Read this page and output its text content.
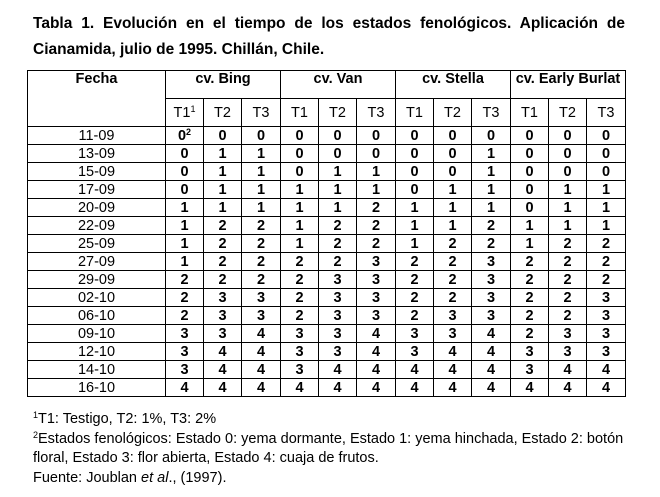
Tabla 1. Evolución en el tiempo de los estados fenológicos. Aplicación de Cianamida, julio de 1995. Chillán, Chile.

Fecha	cv. Bing			cv. Van			cv. Stella			cv. Early Burlat		
	$T1^1$	T2	T3	T1	T2	T3	T1	T2	T3	T1	T2	T3
11-09	$0^2$	0	0	0	0	0	0	0	0	0	0	0
13-09	0	1	1	0	0	0	0	0	1	0	0	0
15-09	0	1	1	0	1	1	0	0	1	0	0	0
17-09	0	1	1	1	1	1	0	1	1	0	1	1
20-09	1	1	1	1	1	2	1	1	1	0	1	1
22-09	1	2	2	1	2	2	1	1	2	1	1	1
25-09	1	2	2	1	2	2	1	2	2	1	2	2
27-09	1	2	2	2	2	3	2	2	3	2	2	2
29-09	2	2	2	2	3	3	2	2	3	2	2	2
02-10	2	3	3	2	3	3	2	2	3	2	2	3
06-10	2	3	3	2	3	3	2	3	3	2	2	3
09-10	3	3	4	3	3	4	3	3	4	2	3	3
12-10	3	4	4	3	3	4	3	4	4	3	3	3
14-10	3	4	4	3	4	4	4	4	4	3	4	4
16-10	4	4	4	4	4	4	4	4	4	4	4	4

$^1$T1: Testigo, T2: 1%, T3: 2%

$^2$Estados fenológicos: Estado 0: yema dormante, Estado 1: yema hinchada, Estado 2: botón floral, Estado 3: flor abierta, Estado 4: cuaja de frutos.

Fuente: Joublan et al., (1997).
